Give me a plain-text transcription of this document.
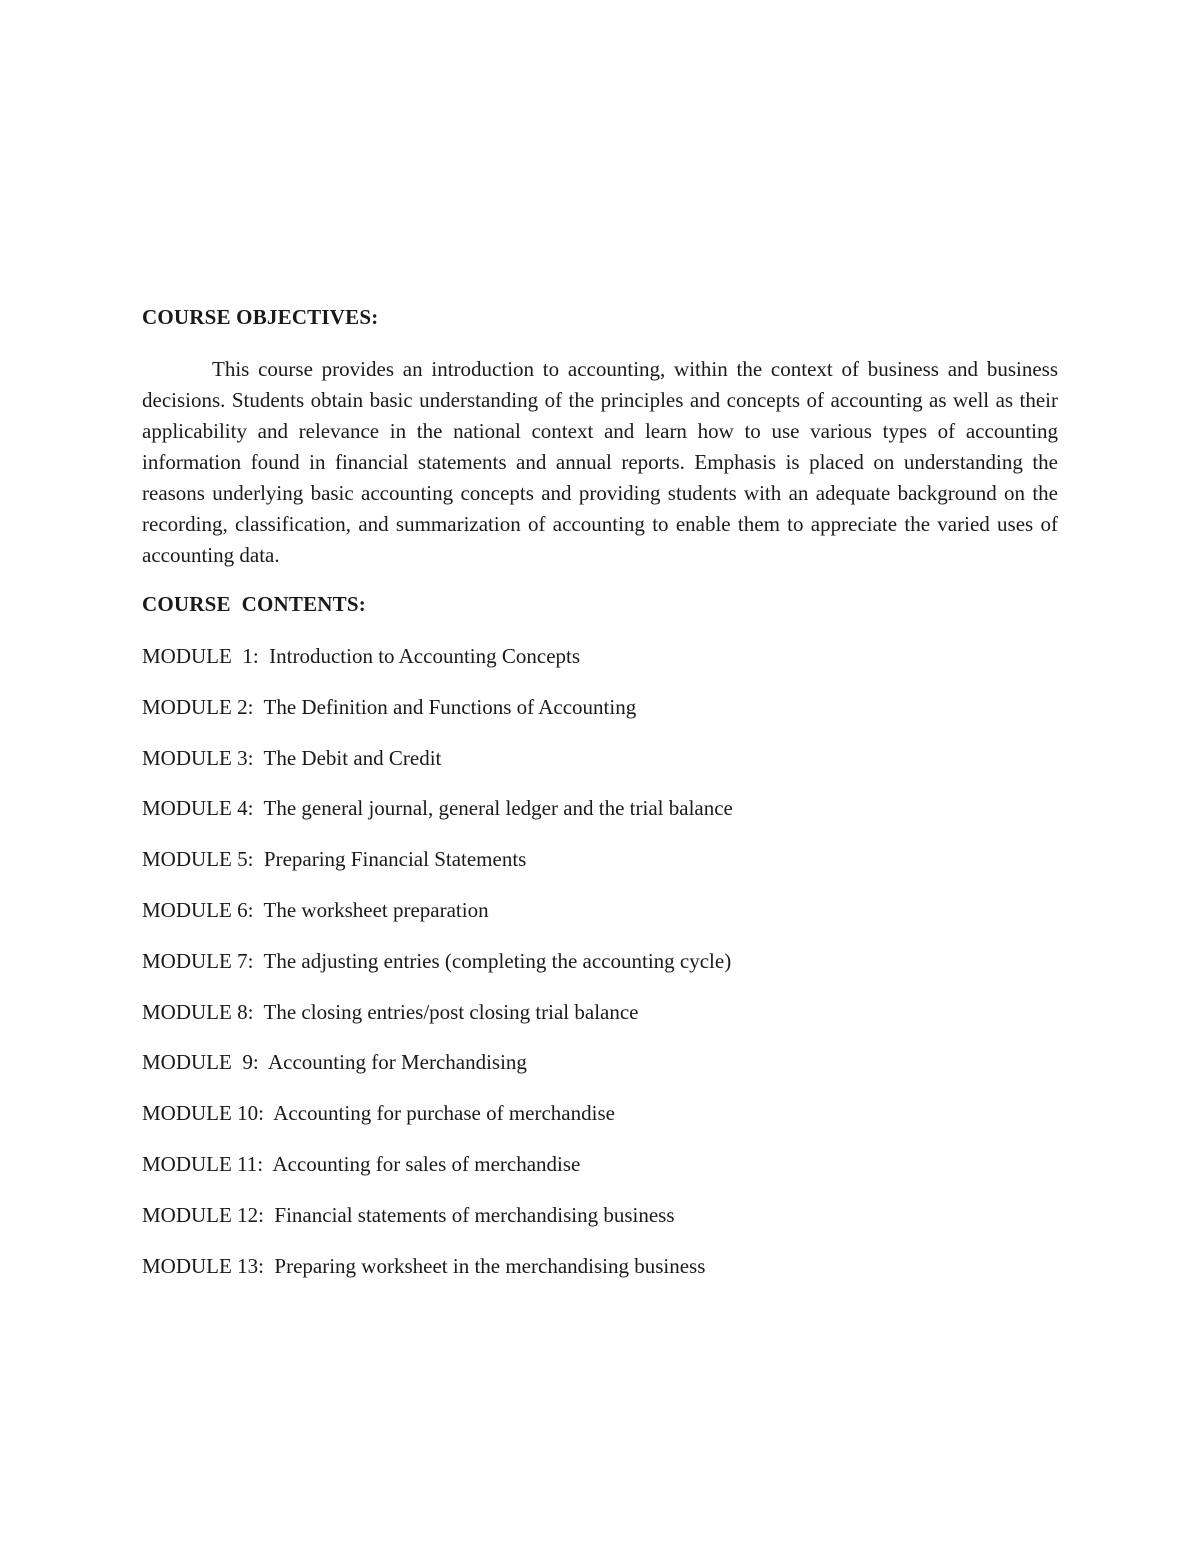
COURSE OBJECTIVES:

This course provides an introduction to accounting, within the context of business and business decisions. Students obtain basic understanding of the principles and concepts of accounting as well as their applicability and relevance in the national context and learn how to use various types of accounting information found in financial statements and annual reports. Emphasis is placed on understanding the reasons underlying basic accounting concepts and providing students with an adequate background on the recording, classification, and summarization of accounting to enable them to appreciate the varied uses of accounting data.

COURSE  CONTENTS:
MODULE  1:  Introduction to Accounting Concepts
MODULE 2:  The Definition and Functions of Accounting
MODULE 3:  The Debit and Credit
MODULE 4:  The general journal, general ledger and the trial balance
MODULE 5:  Preparing Financial Statements
MODULE 6:  The worksheet preparation
MODULE 7:  The adjusting entries (completing the accounting cycle)
MODULE 8:  The closing entries/post closing trial balance
MODULE  9:  Accounting for Merchandising
MODULE 10:  Accounting for purchase of merchandise
MODULE 11:  Accounting for sales of merchandise
MODULE 12:  Financial statements of merchandising business
MODULE 13:  Preparing worksheet in the merchandising business
